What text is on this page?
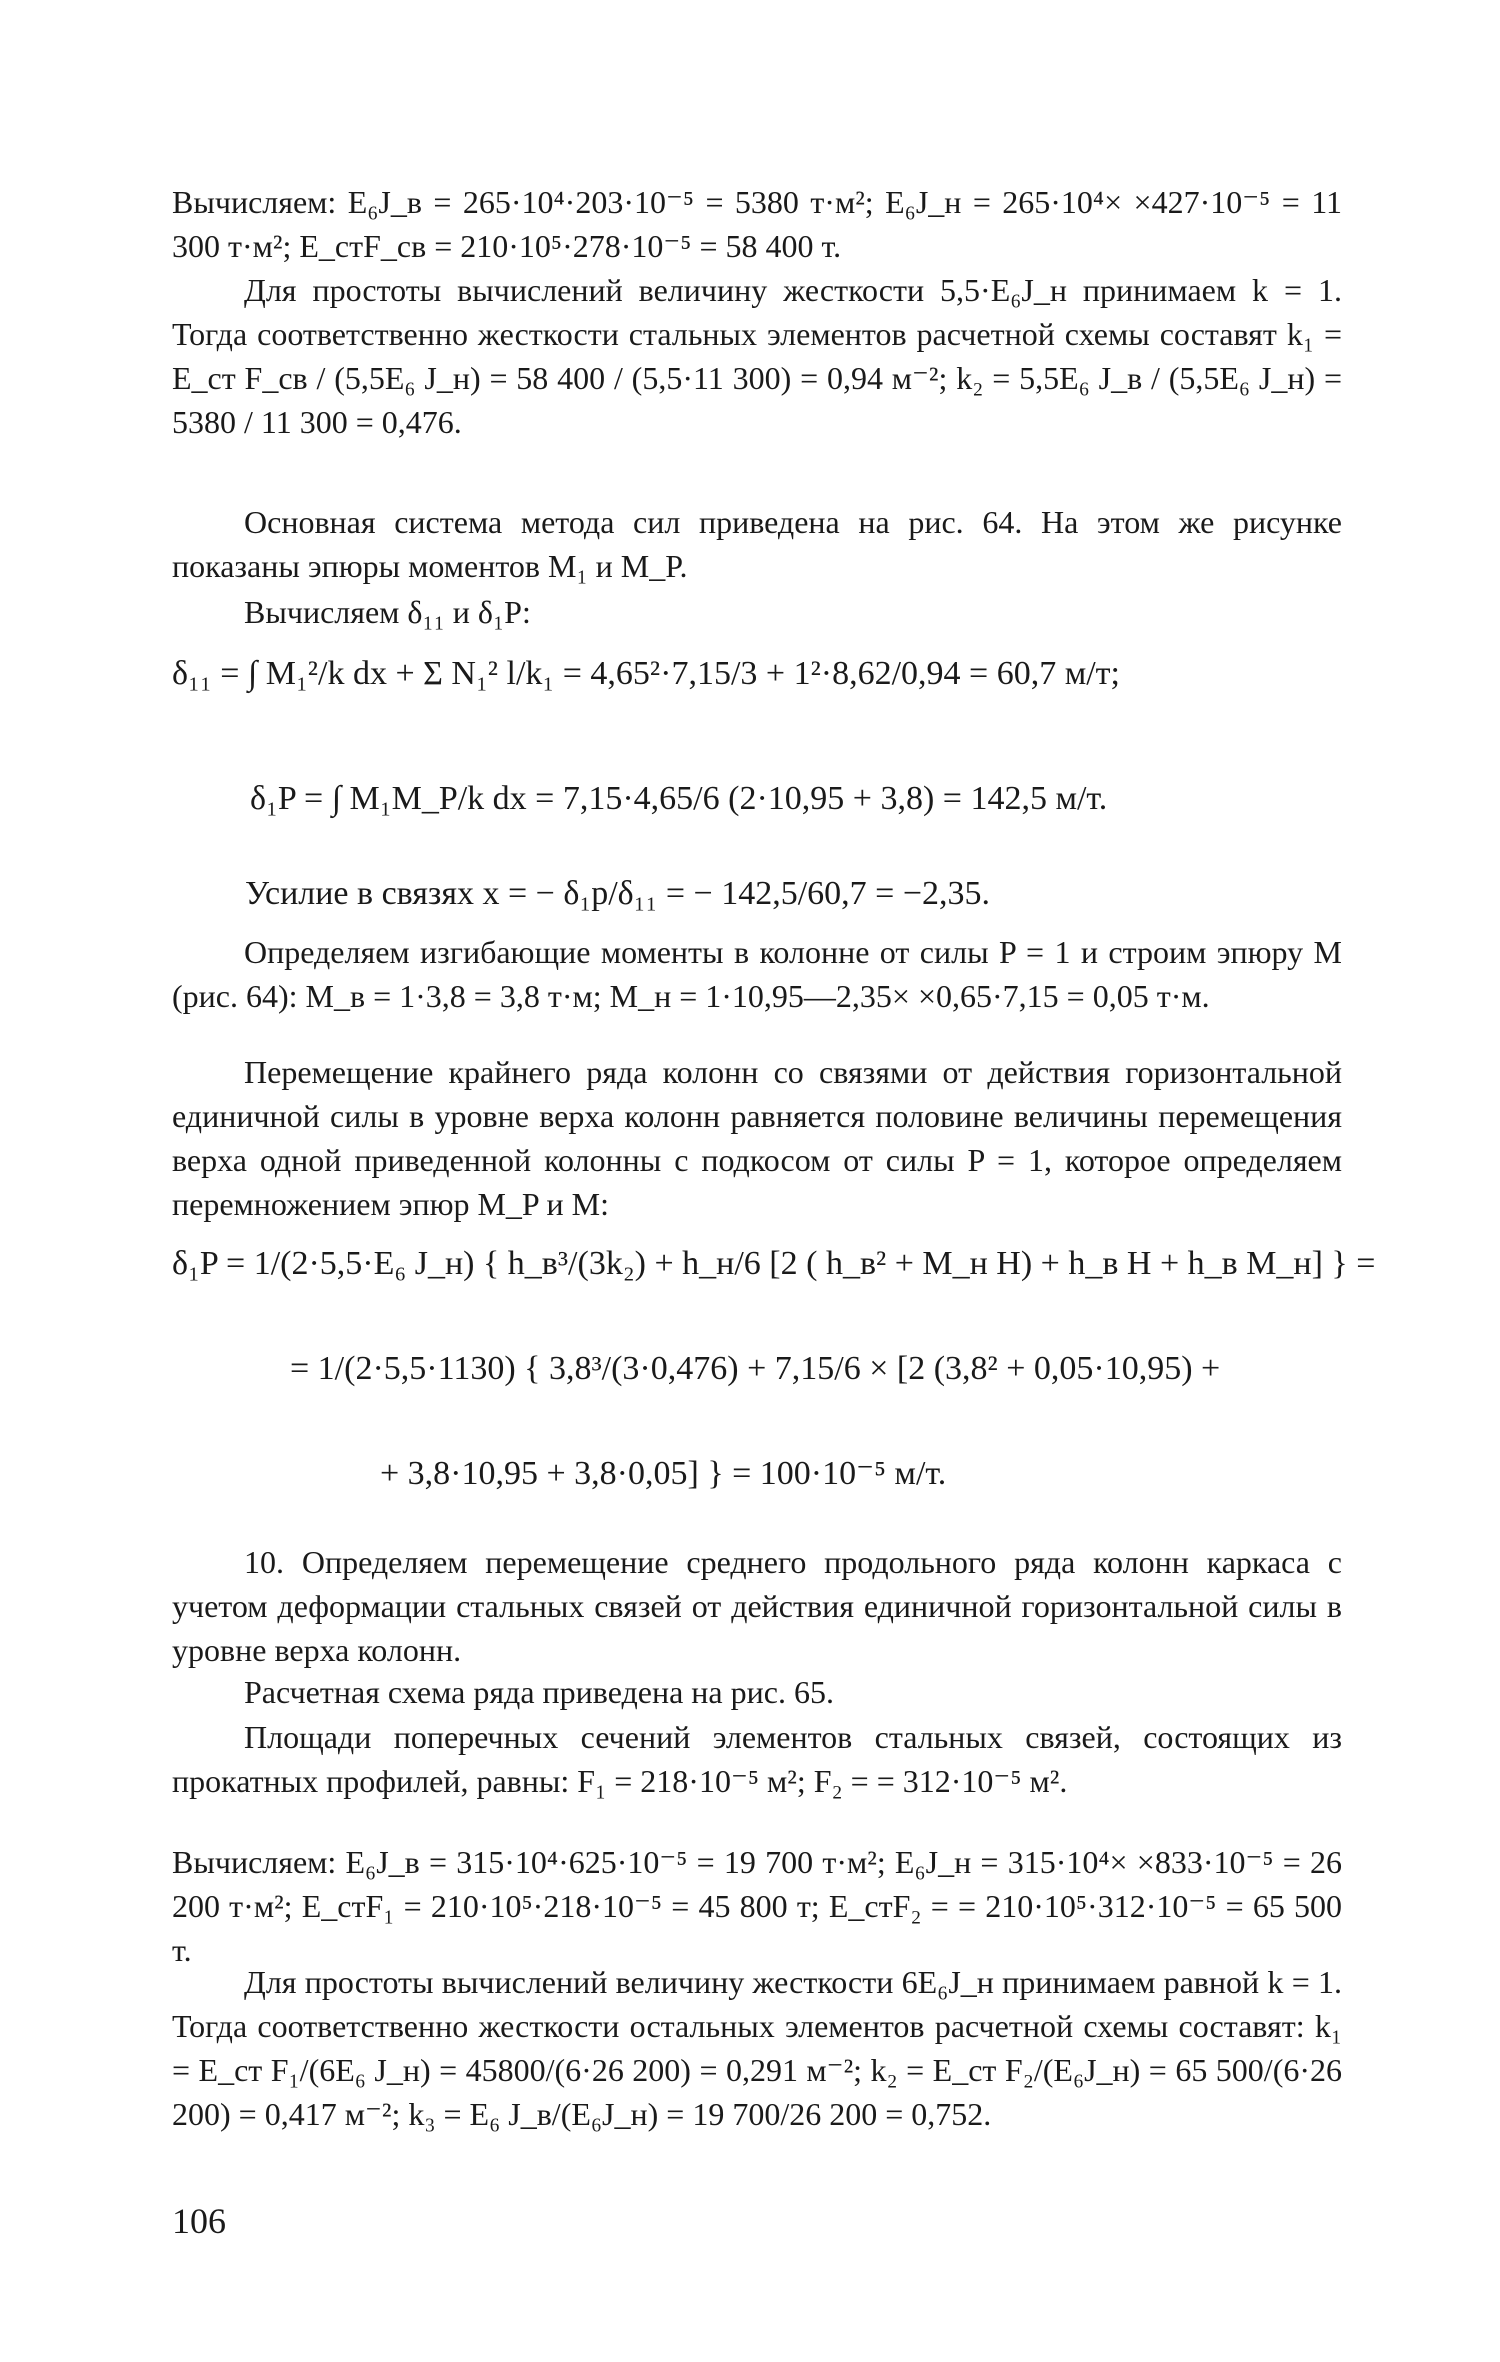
Вычисляем: E₆J_в = 265·10⁴·203·10⁻⁵ = 5380 т·м²; E₆J_н = 265·10⁴× ×427·10⁻⁵ = 11 300 т·м²; E_стF_св = 210·10⁵·278·10⁻⁵ = 58 400 т.

Для простоты вычислений величину жесткости 5,5·E₆J_н принимаем k = 1. Тогда соответственно жесткости стальных элементов расчетной схемы составят k₁ = E_ст F_св / (5,5E₆ J_н) = 58 400 / (5,5·11 300) = 0,94 м⁻²; k₂ = 5,5E₆ J_в / (5,5E₆ J_н) = 5380 / 11 300 = 0,476.

Основная система метода сил приведена на рис. 64. На этом же рисунке показаны эпюры моментов M₁ и M_P.

Вычисляем δ₁₁ и δ₁P:

δ₁₁ = ∫ M₁²/k dx + Σ N₁² l/k₁ = 4,65²·7,15/3 + 1²·8,62/0,94 = 60,7 м/т;
δ₁P = ∫ M₁M_P/k dx = 7,15·4,65/6 (2·10,95 + 3,8) = 142,5 м/т.
Усилие в связях x = − δ₁p/δ₁₁ = − 142,5/60,7 = −2,35.

Определяем изгибающие моменты в колонне от силы P = 1 и строим эпюру M (рис. 64): M_в = 1·3,8 = 3,8 т·м; M_н = 1·10,95—2,35× ×0,65·7,15 = 0,05 т·м.

Перемещение крайнего ряда колонн со связями от действия горизонтальной единичной силы в уровне верха колонн равняется половине величины перемещения верха одной приведенной колонны с подкосом от силы P = 1, которое определяем перемножением эпюр M_P и M:

δ₁P = 1/(2·5,5·E₆ J_н) { h_в³/(3k₂) + h_н/6 [2 ( h_в² + M_н H) + h_в H + h_в M_н] } =
= 1/(2·5,5·1130) { 3,8³/(3·0,476) + 7,15/6 × [2 (3,8² + 0,05·10,95) +
+ 3,8·10,95 + 3,8·0,05] } = 100·10⁻⁵ м/т.

10. Определяем перемещение среднего продольного ряда колонн каркаса с учетом деформации стальных связей от действия единичной горизонтальной силы в уровне верха колонн.

Расчетная схема ряда приведена на рис. 65.

Площади поперечных сечений элементов стальных связей, состоящих из прокатных профилей, равны: F₁ = 218·10⁻⁵ м²; F₂ = = 312·10⁻⁵ м².

Вычисляем: E₆J_в = 315·10⁴·625·10⁻⁵ = 19 700 т·м²; E₆J_н = 315·10⁴× ×833·10⁻⁵ = 26 200 т·м²; E_стF₁ = 210·10⁵·218·10⁻⁵ = 45 800 т; E_стF₂ = = 210·10⁵·312·10⁻⁵ = 65 500 т.

Для простоты вычислений величину жесткости 6E₆J_н принимаем равной k = 1. Тогда соответственно жесткости остальных элементов расчетной схемы составят: k₁ = E_ст F₁/(6E₆ J_н) = 45800/(6·26 200) = 0,291 м⁻²; k₂ = E_ст F₂/(E₆J_н) = 65 500/(6·26 200) = 0,417 м⁻²; k₃ = E₆ J_в/(E₆J_н) = 19 700/26 200 = 0,752.

106
